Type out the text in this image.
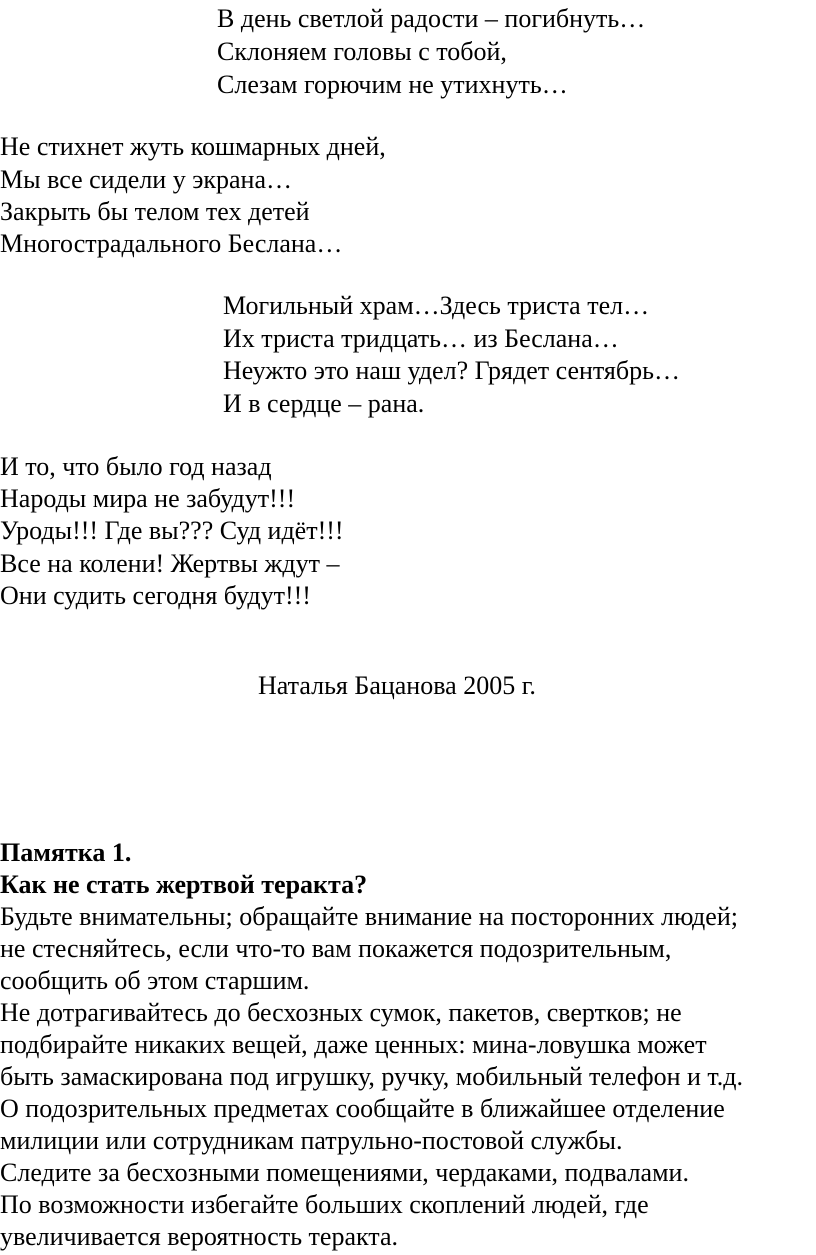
В день светлой радости – погибнуть…

Склоняем головы с тобой,

Слезам горючим не утихнуть…

Не стихнет жуть кошмарных дней,

Мы все сидели у экрана…

Закрыть бы телом тех детей

Многострадального Беслана…

Могильный храм…Здесь триста тел…

Их триста тридцать… из Беслана…

Неужто это наш удел? Грядет сентябрь…

И в сердце – рана.

И то, что было год назад

Народы мира не забудут!!!

Уроды!!! Где вы??? Суд идёт!!!

Все на колени! Жертвы ждут –

Они судить сегодня будут!!!

Наталья Бацанова 2005 г.

Памятка 1.

Как не стать жертвой теракта?

Будьте внимательны; обращайте внимание на посторонних людей;

не стесняйтесь, если что-то вам покажется подозрительным,

сообщить об этом старшим.

Не дотрагивайтесь до бесхозных сумок, пакетов, свертков; не

подбирайте никаких вещей, даже ценных: мина-ловушка может

быть замаскирована под игрушку, ручку, мобильный телефон и т.д.

О подозрительных предметах сообщайте в ближайшее отделение

милиции или сотрудникам патрульно-постовой службы.

Следите за бесхозными помещениями, чердаками, подвалами.

По возможности избегайте больших скоплений людей, где

увеличивается вероятность теракта.
